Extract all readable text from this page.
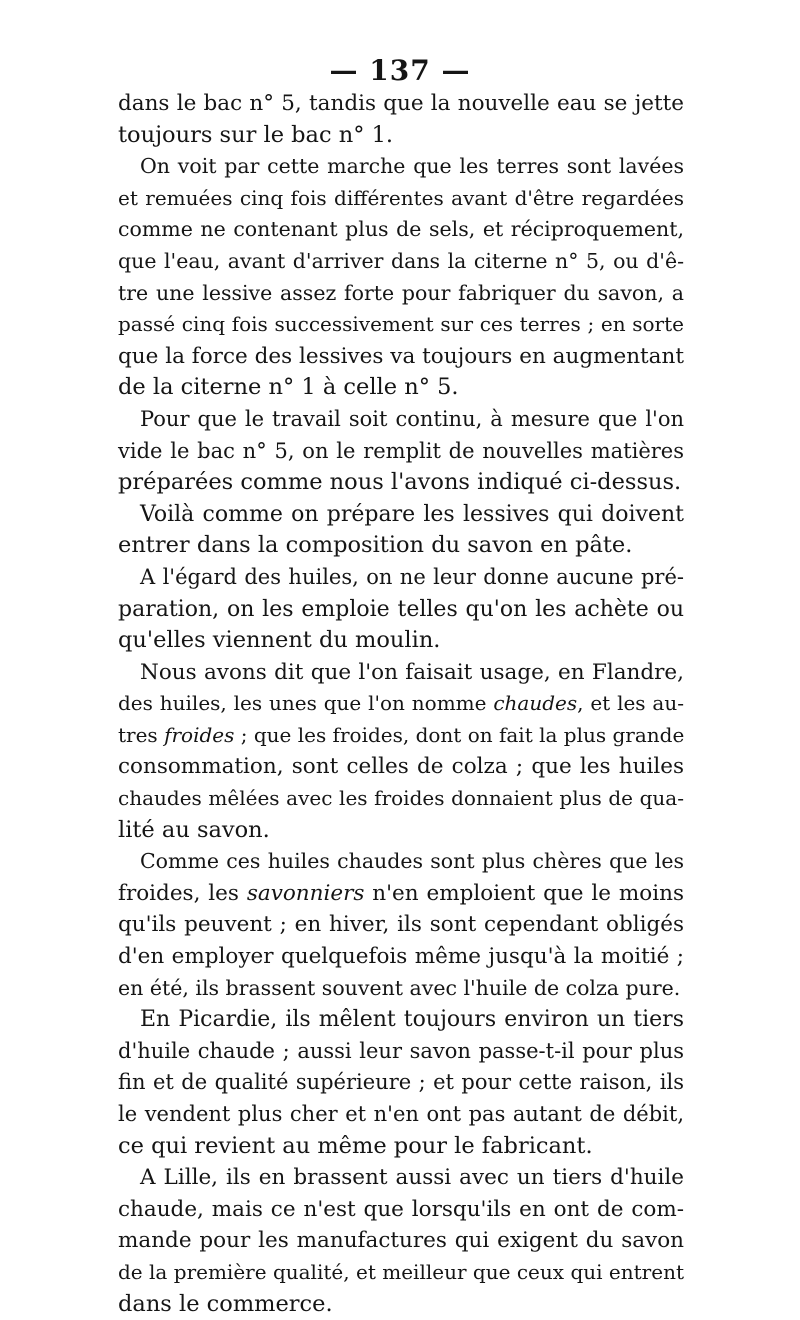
— 137 —
dans le bac n° 5, tandis que la nouvelle eau se jette
toujours sur le bac n° 1.
On voit par cette marche que les terres sont lavées
et remuées cinq fois différentes avant d'être regardées
comme ne contenant plus de sels, et réciproquement,
que l'eau, avant d'arriver dans la citerne n° 5, ou d'ê-
tre une lessive assez forte pour fabriquer du savon, a
passé cinq fois successivement sur ces terres ; en sorte
que la force des lessives va toujours en augmentant
de la citerne n° 1 à celle n° 5.
Pour que le travail soit continu, à mesure que l'on
vide le bac n° 5, on le remplit de nouvelles matières
préparées comme nous l'avons indiqué ci-dessus.
Voilà comme on prépare les lessives qui doivent
entrer dans la composition du savon en pâte.
A l'égard des huiles, on ne leur donne aucune pré-
paration, on les emploie telles qu'on les achète ou
qu'elles viennent du moulin.
Nous avons dit que l'on faisait usage, en Flandre,
des huiles, les unes que l'on nomme chaudes, et les au-
tres froides ; que les froides, dont on fait la plus grande
consommation, sont celles de colza ; que les huiles
chaudes mêlées avec les froides donnaient plus de qua-
lité au savon.
Comme ces huiles chaudes sont plus chères que les
froides, les savonniers n'en emploient que le moins
qu'ils peuvent ; en hiver, ils sont cependant obligés
d'en employer quelquefois même jusqu'à la moitié ;
en été, ils brassent souvent avec l'huile de colza pure.
En Picardie, ils mêlent toujours environ un tiers
d'huile chaude ; aussi leur savon passe-t-il pour plus
fin et de qualité supérieure ; et pour cette raison, ils
le vendent plus cher et n'en ont pas autant de débit,
ce qui revient au même pour le fabricant.
A Lille, ils en brassent aussi avec un tiers d'huile
chaude, mais ce n'est que lorsqu'ils en ont de com-
mande pour les manufactures qui exigent du savon
de la première qualité, et meilleur que ceux qui entrent
dans le commerce.
